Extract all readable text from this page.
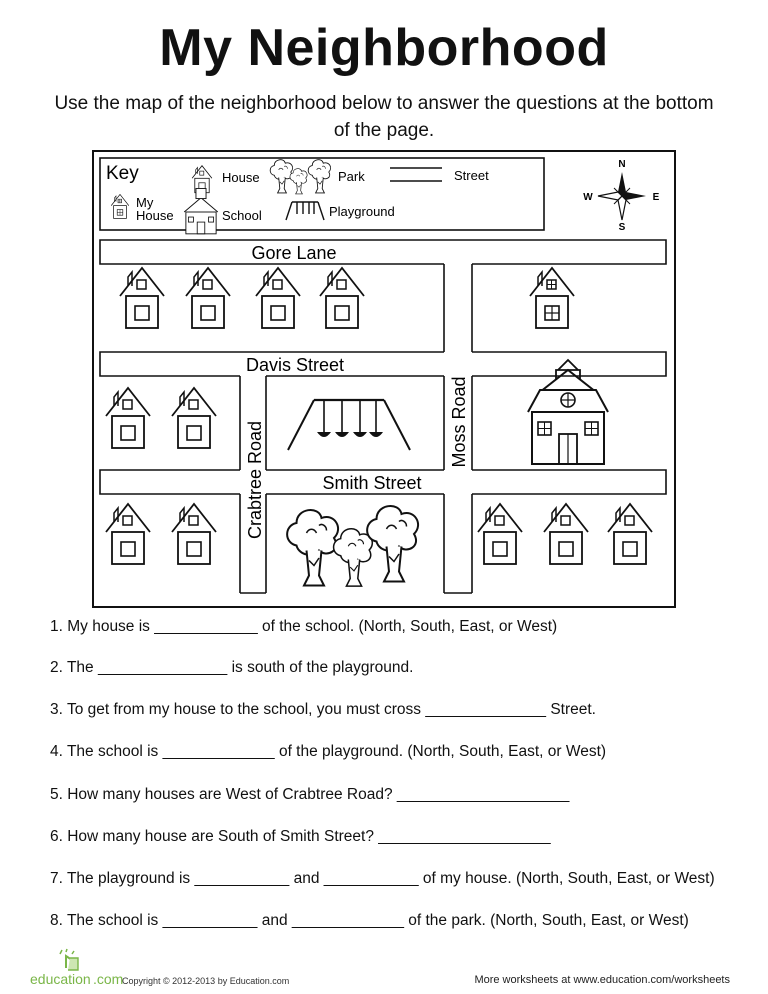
My Neighborhood
Use the map of the neighborhood below to answer the questions at the bottom of the page.
Key	House	Park	Street
My
House	School	Playground
N
S
E
W
Gore Lane
Davis Street
Smith Street
Moss Road
Crabtree Road
1. My house is ____________ of the school. (North, South, East, or West)
2. The _______________ is south of the playground.
3. To get from my house to the school, you must cross ______________ Street.
4. The school is _____________ of the playground. (North, South, East, or West)
5. How many houses are West of Crabtree Road? ____________________
6. How many house are South of Smith Street? ____________________
7. The playground is ___________ and ___________ of my house. (North, South, East, or West)
8. The school is ___________ and _____________ of the park. (North, South, East, or West)
education .com
Copyright © 2012-2013 by Education.com	More worksheets at www.education.com/worksheets
